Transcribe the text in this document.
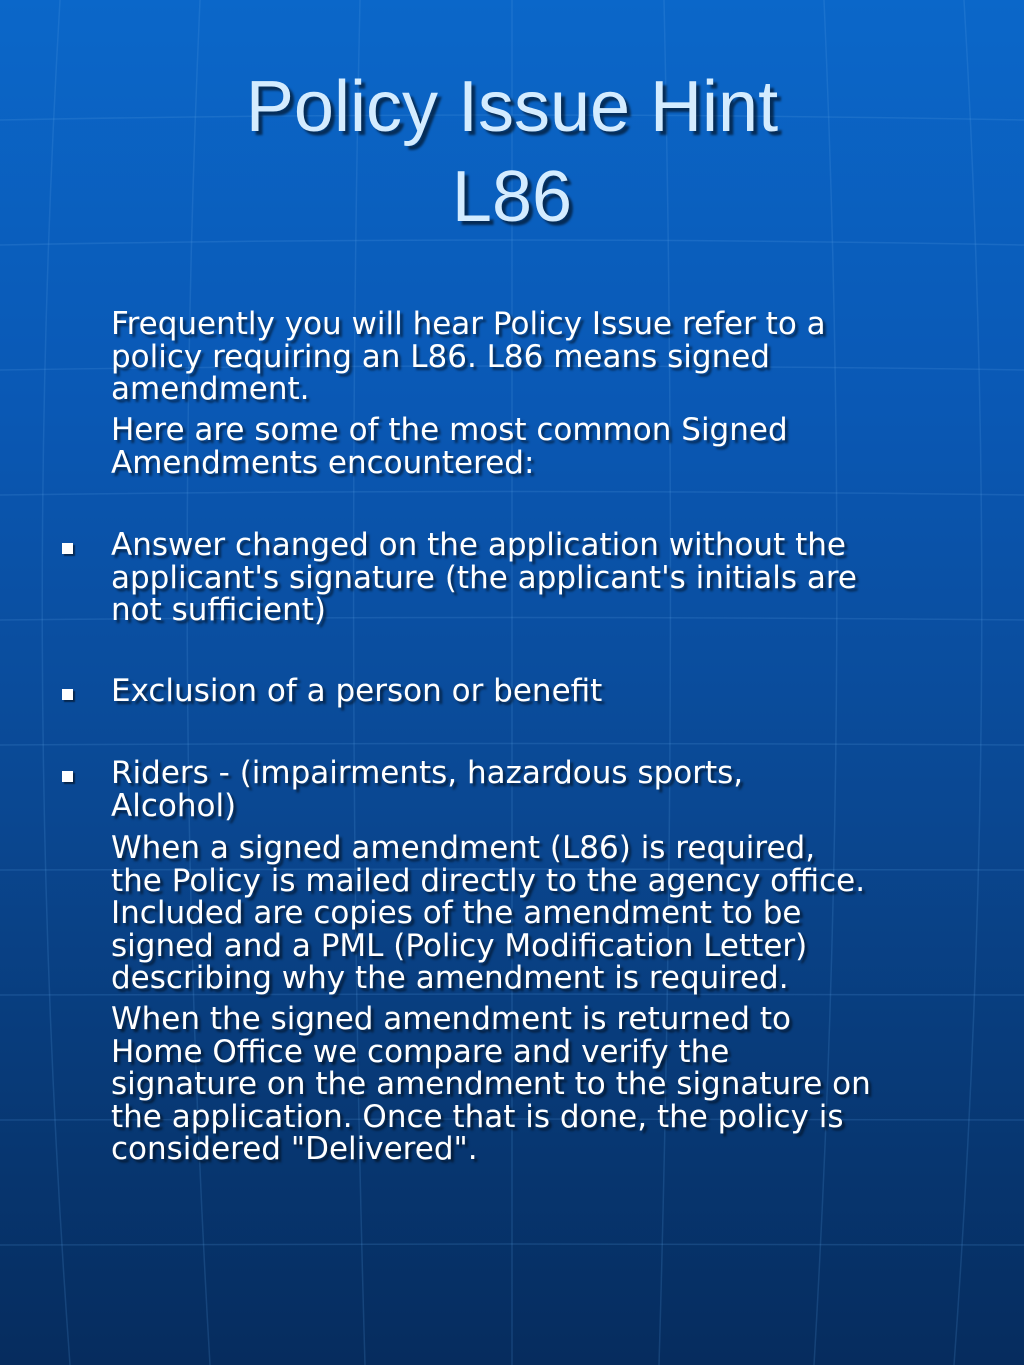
Policy Issue Hint
L86
Frequently you will hear Policy Issue refer to a
policy requiring an L86. L86 means signed
amendment.
Here are some of the most common Signed
Amendments encountered:
Answer changed on the application without the
applicant's signature (the applicant's initials are
not sufficient)
Exclusion of a person or benefit
Riders - (impairments, hazardous sports,
Alcohol)
When a signed amendment (L86) is required,
the Policy is mailed directly to the agency office.
Included are copies of the amendment to be
signed and a PML (Policy Modification Letter)
describing why the amendment is required.
When the signed amendment is returned to
Home Office we compare and verify the
signature on the amendment to the signature on
the application. Once that is done, the policy is
considered "Delivered".
